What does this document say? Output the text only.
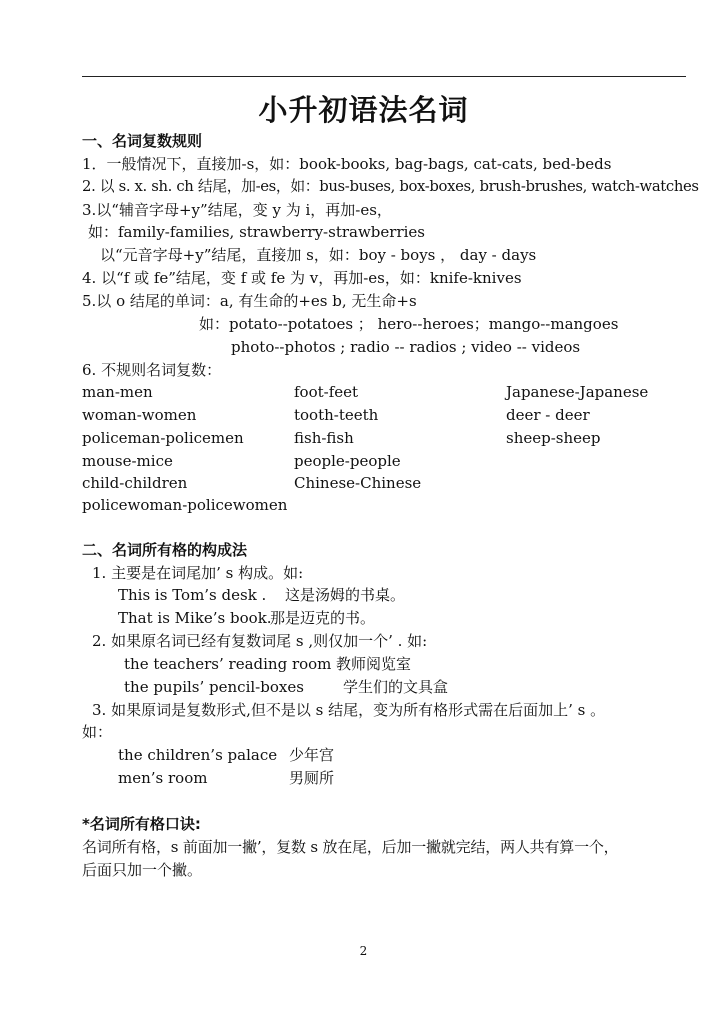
小升初语法名词
一、名词复数规则
1．一般情况下，直接加-s，如：book-books, bag-bags, cat-cats, bed-beds
2. 以 s. x. sh. ch 结尾，加-es，如：bus-buses, box-boxes, brush-brushes, watch-watches
3.以“辅音字母+y”结尾，变 y 为 i，再加-es，
如：family-families, strawberry-strawberries
以“元音字母+y”结尾，直接加 s，如：boy - boys ， day - days
4. 以“f 或 fe”结尾，变 f 或 fe 为 v，再加-es，如：knife-knives
5.以 o 结尾的单词：a, 有生命的+es b, 无生命+s
如：potato--potatoes ； hero--heroes；mango--mangoes
photo--photos ; radio -- radios ; video -- videos
6. 不规则名词复数：
man-men
woman-women
policeman-policemen
mouse-mice
child-children
policewoman-policewomen
foot-feet
tooth-teeth
fish-fish
people-people
Chinese-Chinese
Japanese-Japanese
deer - deer
sheep-sheep
二、名词所有格的构成法
1. 主要是在词尾加’ s 构成。如:
This is Tom’s desk . 这是汤姆的书桌。
That is Mike’s book.
那是迈克的书。
2. 如果原名词已经有复数词尾 s ,则仅加一个’ . 如:
the teachers’ reading room 教师阅览室
the pupils’ pencil-boxes	学生们的文具盒
3. 如果原词是复数形式,但不是以 s 结尾，变为所有格形式需在后面加上’ s 。
如：
the children’s palace 少年宫
men’s room	男厕所
*名词所有格口诀:
名词所有格，s 前面加一撇’，复数 s 放在尾，后加一撇就完结，两人共有算一个，
后面只加一个撇。
2
